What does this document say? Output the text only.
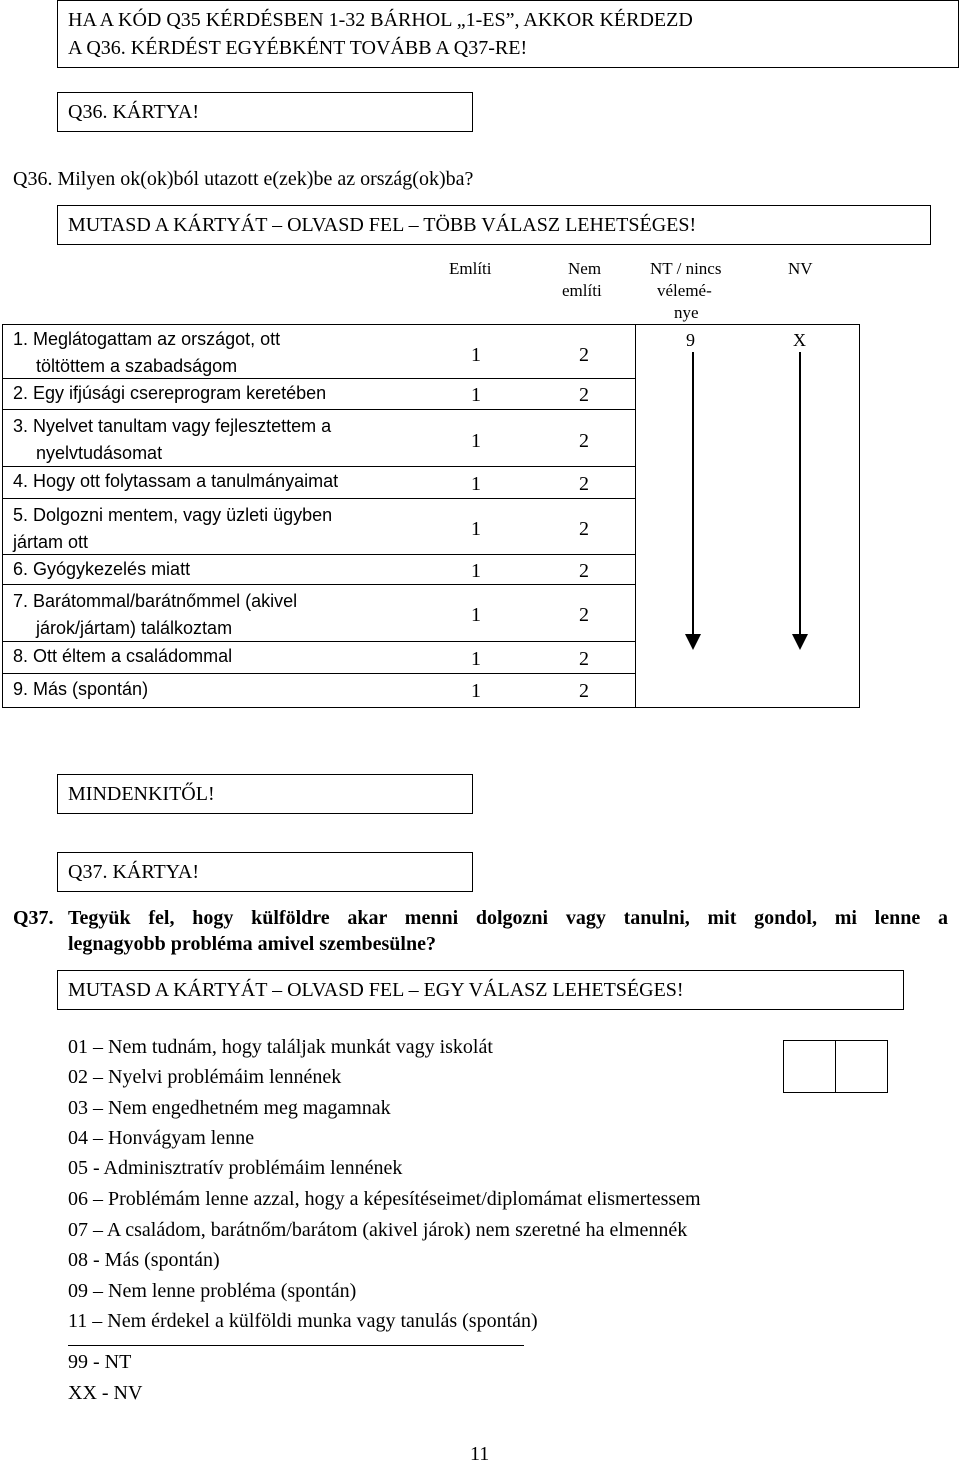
HA A KÓD Q35 KÉRDÉSBEN 1-32 BÁRHOL „1-ES”, AKKOR KÉRDEZD
A Q36. KÉRDÉST EGYÉBKÉNT TOVÁBB A Q37-RE!
Q36. KÁRTYA!
Q36. Milyen ok(ok)ból utazott e(zek)be az ország(ok)ba?
MUTASD A KÁRTYÁT – OLVASD FEL – TÖBB VÁLASZ LEHETSÉGES!
Említi	Nem
említi
NT / nincs
vélemé-
nye
NV
1. Meglátogattam az országot, ott
töltöttem a szabadságom	1	2
2. Egy ifjúsági csereprogram keretében	1	2
3. Nyelvet tanultam vagy fejlesztettem a
nyelvtudásomat
1	2
4. Hogy ott folytassam a tanulmányaimat	1	2
5. Dolgozni mentem, vagy üzleti ügyben
jártam ott
1	2
6. Gyógykezelés miatt	1	2
7. Barátommal/barátnőmmel (akivel
járok/jártam) találkoztam
1	2
8. Ott éltem a családommal	1	2
9. Más (spontán)	1	2
9	X
MINDENKITŐL!
Q37. KÁRTYA!
Q37. Tegyük fel, hogy külföldre akar menni dolgozni vagy tanulni, mit gondol, mi lenne a
legnagyobb probléma amivel szembesülne?
MUTASD A KÁRTYÁT – OLVASD FEL – EGY VÁLASZ LEHETSÉGES!
01 – Nem tudnám, hogy találjak munkát vagy iskolát
02 – Nyelvi problémáim lennének
03 – Nem engedhetném meg magamnak
04 – Honvágyam lenne
05 - Adminisztratív problémáim lennének
06 – Problémám lenne azzal, hogy a képesítéseimet/diplomámat elismertessem
07 – A családom, barátnőm/barátom (akivel járok) nem szeretné ha elmennék
08 - Más (spontán)
09 – Nem lenne probléma (spontán)
11 – Nem érdekel a külföldi munka vagy tanulás (spontán)
99 - NT
XX - NV
11
